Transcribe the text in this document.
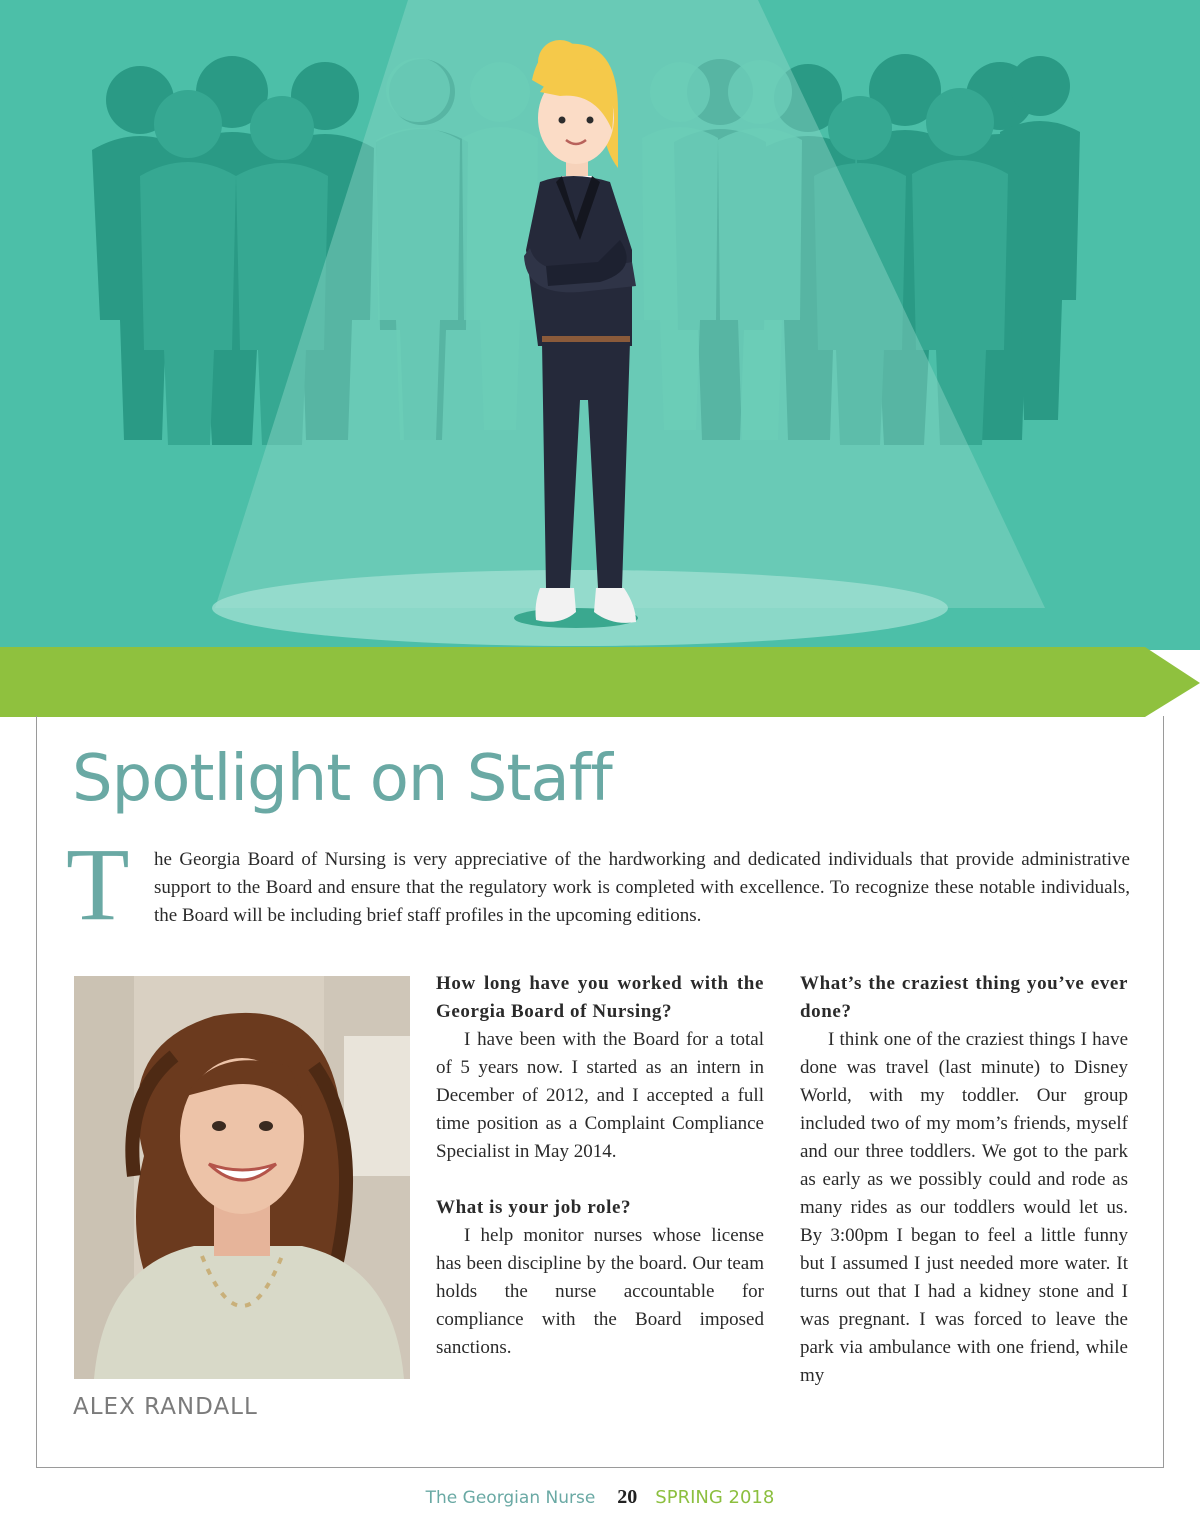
Spotlight on Staff
T he Georgia Board of Nursing is very appreciative of the hardworking and dedicated individuals that provide administrative support to the Board and ensure that the regulatory work is completed with excellence. To recognize these notable individuals, the Board will be including brief staff profiles in the upcoming editions.

ALEX RANDALL

How long have you worked with the Georgia Board of Nursing?

I have been with the Board for a total of 5 years now. I started as an intern in December of 2012, and I accepted a full time position as a Complaint Compliance Specialist in May 2014.

What is your job role?

I help monitor nurses whose license has been discipline by the board. Our team holds the nurse accountable for compliance with the Board imposed sanctions.

What’s the craziest thing you’ve ever done?

I think one of the craziest things I have done was travel (last minute) to Disney World, with my toddler. Our group included two of my mom’s friends, myself and our three toddlers. We got to the park as early as we possibly could and rode as many rides as our toddlers would let us. By 3:00pm I began to feel a little funny but I assumed I just needed more water. It turns out that I had a kidney stone and I was pregnant. I was forced to leave the park via ambulance with one friend, while my

The Georgian Nurse 20 SPRING 2018
